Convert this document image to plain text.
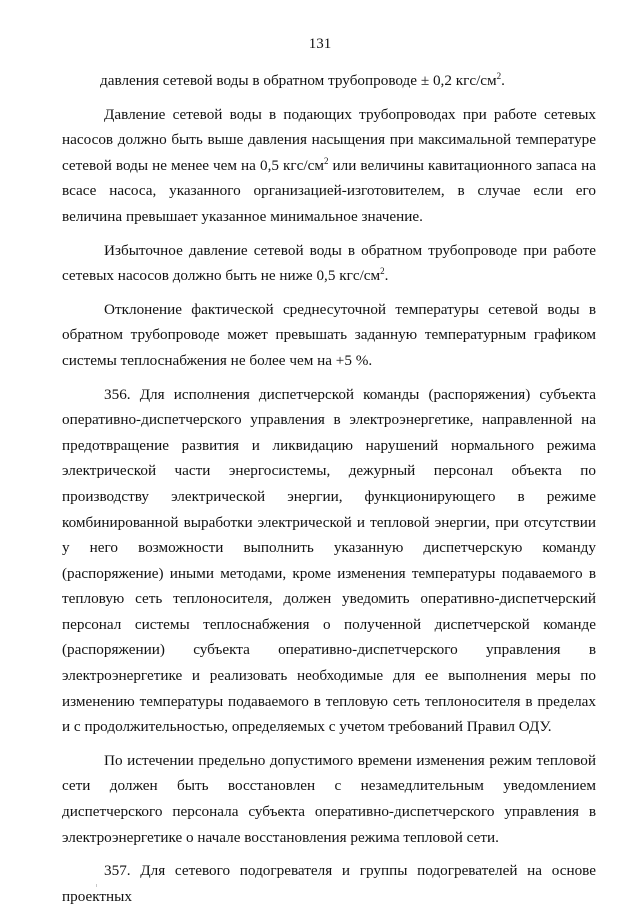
131

давления сетевой воды в обратном трубопроводе ± 0,2 кгс/$см^2$.

Давление сетевой воды в подающих трубопроводах при работе сетевых насосов должно быть выше давления насыщения при максимальной температуре сетевой воды не менее чем на 0,5 кгс/$см^2$ или величины кавитационного запаса на всасе насоса, указанного организацией-изготовителем, в случае если его величина превышает указанное минимальное значение.

Избыточное давление сетевой воды в обратном трубопроводе при работе сетевых насосов должно быть не ниже 0,5 кгс/$см^2$.

Отклонение фактической среднесуточной температуры сетевой воды в обратном трубопроводе может превышать заданную температурным графиком системы теплоснабжения не более чем на +5 %.

356. Для исполнения диспетчерской команды (распоряжения) субъекта оперативно-диспетчерского управления в электроэнергетике, направленной на предотвращение развития и ликвидацию нарушений нормального режима электрической части энергосистемы, дежурный персонал объекта по производству электрической энергии, функционирующего в режиме комбинированной выработки электрической и тепловой энергии, при отсутствии у него возможности выполнить указанную диспетчерскую команду (распоряжение) иными методами, кроме изменения температуры подаваемого в тепловую сеть теплоносителя, должен уведомить оперативно-диспетчерский персонал системы теплоснабжения о полученной диспетчерской команде (распоряжении) субъекта оперативно-диспетчерского управления в электроэнергетике и реализовать необходимые для ее выполнения меры по изменению температуры подаваемого в тепловую сеть теплоносителя в пределах и с продолжительностью, определяемых с учетом требований Правил ОДУ.

По истечении предельно допустимого времени изменения режим тепловой сети должен быть восстановлен с незамедлительным уведомлением диспетчерского персонала субъекта оперативно-диспетчерского управления в электроэнергетике о начале восстановления режима тепловой сети.

357. Для сетевого подогревателя и группы подогревателей на основе проектных
